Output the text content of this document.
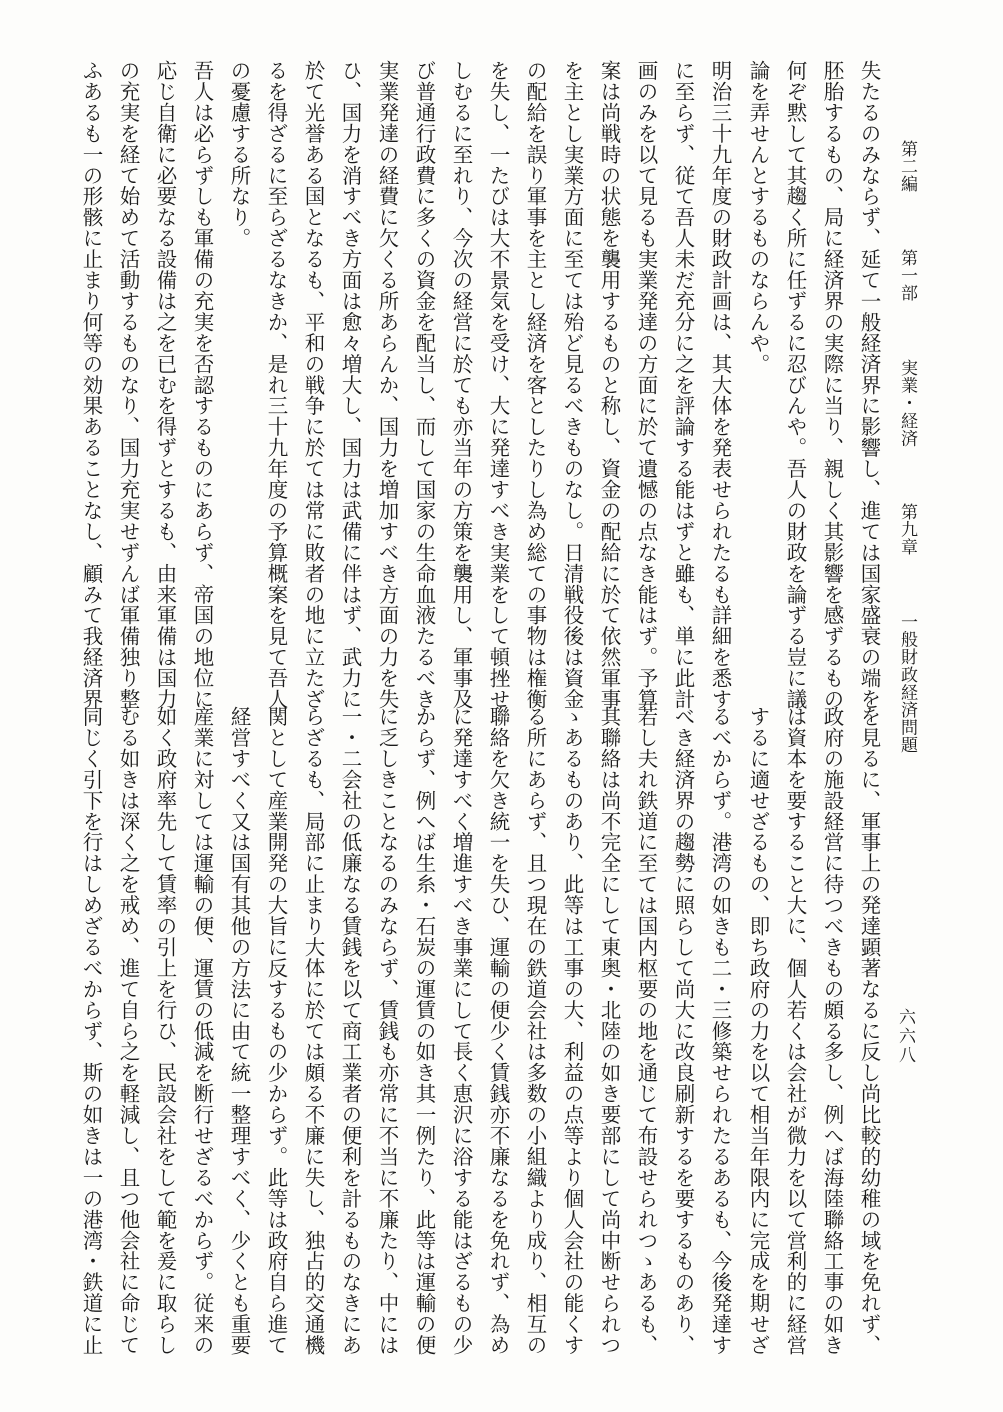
第二編 第一部 実業・経済 第九章 一般財政経済問題
六六八
失たるのみならず、延て一般経済界に影響し、進ては国家盛衰の端を
胚胎するもの、局に経済界の実際に当り、親しく其影響を感ずるもの
何ぞ黙して其趨く所に任ずるに忍びんや。吾人の財政を論ずる豈に議
論を弄せんとするものならんや。
明治三十九年度の財政計画は、其大体を発表せられたるも詳細を悉す
に至らず、従て吾人未だ充分に之を評論する能はずと雖も、単に此計
画のみを以て見るも実業発達の方面に於て遺憾の点なき能はず。予算
案は尚戦時の状態を襲用するものと称し、資金の配給に於て依然軍事
を主とし実業方面に至ては殆ど見るべきものなし。日清戦役後は資金
の配給を誤り軍事を主とし経済を客としたりし為め総ての事物は権衡
を失し、一たびは大不景気を受け、大に発達すべき実業をして頓挫せ
しむるに至れり、今次の経営に於ても亦当年の方策を襲用し、軍事及
び普通行政費に多くの資金を配当し、而して国家の生命血液たるべき
実業発達の経費に欠くる所あらんか、国力を増加すべき方面の力を失
ひ、国力を消すべき方面は愈々増大し、国力は武備に伴はず、武力に
於て光誉ある国となるも、平和の戦争に於ては常に敗者の地に立たざ
るを得ざるに至らざるなきか、是れ三十九年度の予算概案を見て吾人
の憂慮する所なり。
吾人は必らずしも軍備の充実を否認するものにあらず、帝国の地位に
応じ自衛に必要なる設備は之を已むを得ずとするも、由来軍備は国力
の充実を経て始めて活動するものなり、国力充実せずんば軍備独り整
ふあるも一の形骸に止まり何等の効果あることなし、顧みて我経済界
を見るに、軍事上の発達顕著なるに反し尚比較的幼稚の域を免れず、
政府の施設経営に待つべきもの頗る多し、例へば海陸聯絡工事の如き
は資本を要すること大に、個人若くは会社が微力を以て営利的に経営
するに適せざるもの、即ち政府の力を以て相当年限内に完成を期せざ
るべからず。港湾の如きも二・三修築せられたるあるも、今後発達す
べき経済界の趨勢に照らして尚大に改良刷新するを要するものあり、
若し夫れ鉄道に至ては国内枢要の地を通じて布設せられつゝあるも、
其聯絡は尚不完全にして東奥・北陸の如き要部にして尚中断せられつ
ゝあるものあり、此等は工事の大、利益の点等より個人会社の能くす
る所にあらず、且つ現在の鉄道会社は多数の小組織より成り、相互の
聯絡を欠き統一を失ひ、運輸の便少く賃銭亦不廉なるを免れず、為め
に発達すべく増進すべき事業にして長く恵沢に浴する能はざるもの少
からず、例へば生糸・石炭の運賃の如き其一例たり、此等は運輸の便
に乏しきことなるのみならず、賃銭も亦常に不当に不廉たり、中には
一・二会社の低廉なる賃銭を以て商工業者の便利を計るものなきにあ
らざるも、局部に止まり大体に於ては頗る不廉に失し、独占的交通機
関として産業開発の大旨に反するもの少からず。此等は政府自ら進て
経営すべく又は国有其他の方法に由て統一整理すべく、少くとも重要
産業に対しては運輸の便、運賃の低減を断行せざるべからず。従来の
如く政府率先して賃率の引上を行ひ、民設会社をして範を爰に取らし
むる如きは深く之を戒め、進て自ら之を軽減し、且つ他会社に命じて
同じく引下を行はしめざるべからず、斯の如きは一の港湾・鉄道に止
